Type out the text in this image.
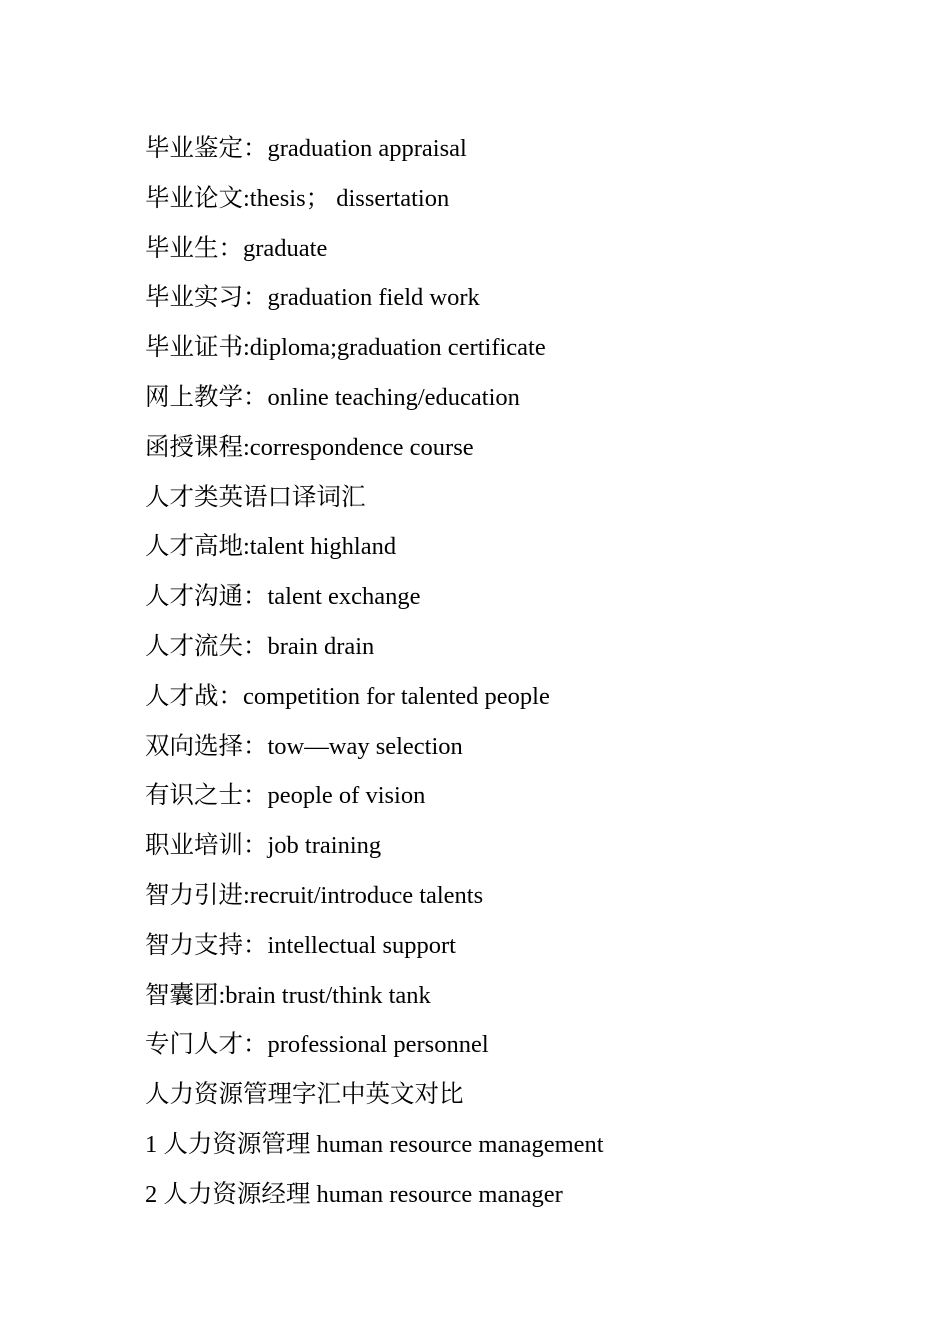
毕业鉴定：graduation appraisal
毕业论文:thesis； dissertation
毕业生：graduate
毕业实习：graduation field work
毕业证书:diploma;graduation certificate
网上教学：online teaching/education
函授课程:correspondence course
人才类英语口译词汇
人才高地:talent highland
人才沟通：talent exchange
人才流失：brain drain
人才战：competition for talented people
双向选择：tow—way selection
有识之士：people of vision
职业培训：job training
智力引进:recruit/introduce talents
智力支持：intellectual support
智囊团:brain trust/think tank
专门人才：professional personnel
人力资源管理字汇中英文对比
1 人力资源管理 human resource management
2 人力资源经理 human resource manager
